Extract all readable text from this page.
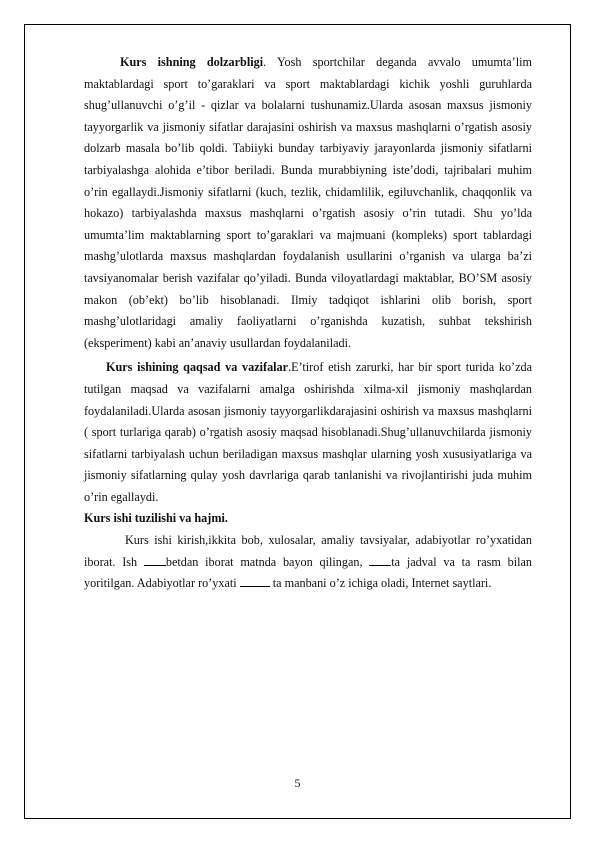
Kurs ishning dolzarbligi. Yosh sportchilar deganda avvalo umumta’lim maktablardagi sport to’garaklari va sport maktablardagi kichik yoshli guruhlarda shug’ullanuvchi o’g’il - qizlar va bolalarni tushunamiz.Ularda asosan maxsus jismoniy tayyorgarlik va jismoniy sifatlar darajasini oshirish va maxsus mashqlarni o’rgatish asosiy dolzarb masala bo’lib qoldi. Tabiiyki bunday tarbiyaviy jarayonlarda jismoniy sifatlarni tarbiyalashga alohida e’tibor beriladi. Bunda murabbiyning iste’dodi, tajribalari muhim o’rin egallaydi.Jismoniy sifatlarni (kuch, tezlik, chidamlilik, egiluvchanlik, chaqqonlik va hokazo) tarbiyalashda maxsus mashqlarni o’rgatish asosiy o’rin tutadi. Shu yo’lda umumta’lim maktablarning sport to’garaklari va majmuani (kompleks) sport tablardagi mashg’ulotlarda maxsus mashqlardan foydalanish usullarini o’rganish va ularga ba’zi tavsiyanomalar berish vazifalar qo’yiladi. Bunda viloyatlardagi maktablar, BO’SM asosiy makon (ob’ekt) bo’lib hisoblanadi. Ilmiy tadqiqot ishlarini olib borish, sport mashg’ulotlaridagi amaliy faoliyatlarni o’rganishda kuzatish, suhbat tekshirish (eksperiment) kabi an’anaviy usullardan foydalaniladi.

Kurs ishining qaqsad va vazifalar.E’tirof etish zarurki, har bir sport turida ko’zda tutilgan maqsad va vazifalarni amalga oshirishda xilma-xil jismoniy mashqlardan foydalaniladi.Ularda asosan jismoniy tayyorgarlikdarajasini oshirish va maxsus mashqlarni ( sport turlariga qarab) o’rgatish asosiy maqsad hisoblanadi.Shug’ullanuvchilarda jismoniy sifatlarni tarbiyalash uchun beriladigan maxsus mashqlar ularning yosh xususiyatlariga va jismoniy sifatlarning qulay yosh davrlariga qarab tanlanishi va rivojlantirishi juda muhim o’rin egallaydi.

Kurs ishi tuzilishi va hajmi.

Kurs ishi kirish,ikkita bob, xulosalar, amaliy tavsiyalar, adabiyotlar ro’yxatidan iborat. Ish betdan iborat matnda bayon qilingan, ta jadval va ta rasm bilan yoritilgan. Adabiyotlar ro’yxati  ta manbani o’z ichiga oladi, Internet saytlari.

5
